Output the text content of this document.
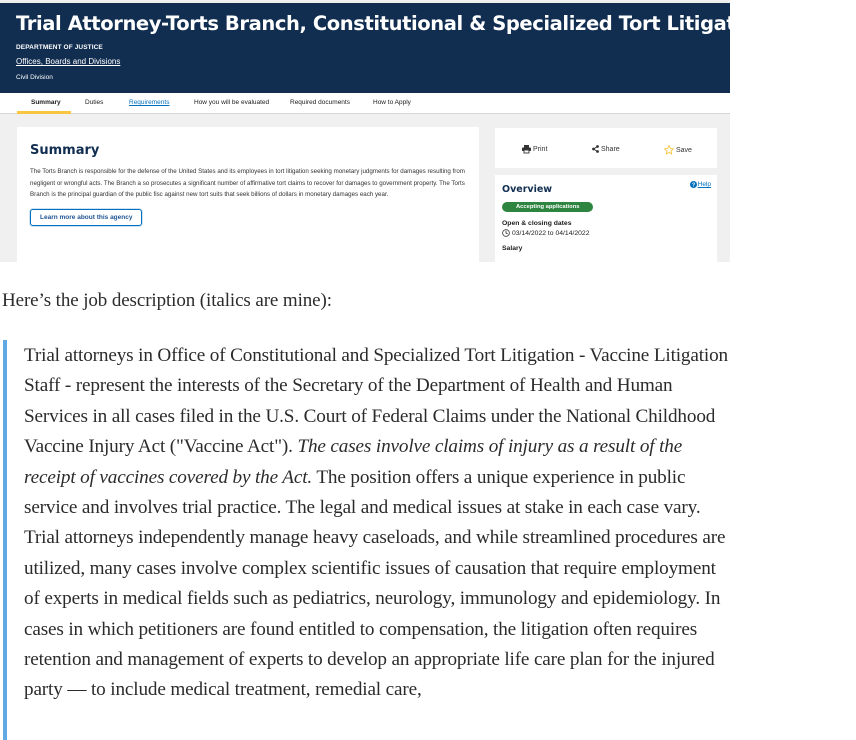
Trial Attorney-Torts Branch, Constitutional & Specialized Tort Litigation/Vaccine
DEPARTMENT OF JUSTICE
Offices, Boards and Divisions
Civil Division
Summary	Duties	Requirements	How you will be evaluated	Required documents	How to Apply
Summary

The Torts Branch is responsible for the defense of the United States and its employees in tort litigation seeking monetary judgments for damages resulting from negligent or wrongful acts. The Branch a so prosecutes a significant number of affirmative tort claims to recover for damages to government property. The Torts Branch is the principal guardian of the public fisc against new tort suits that seek billions of dollars in monetary damages each year.

Learn more about this agency
Print	Share	Save
Overview	? Help
Accepting applications
Open & closing dates
03/14/2022 to 04/14/2022
Salary

Here’s the job description (italics are mine):

Trial attorneys in Office of Constitutional and Specialized Tort Litigation - Vaccine Litigation Staff - represent the interests of the Secretary of the Department of Health and Human Services in all cases filed in the U.S. Court of Federal Claims under the National Childhood Vaccine Injury Act ("Vaccine Act"). The cases involve claims of injury as a result of the receipt of vaccines covered by the Act. The position offers a unique experience in public service and involves trial practice. The legal and medical issues at stake in each case vary. Trial attorneys independently manage heavy caseloads, and while streamlined procedures are utilized, many cases involve complex scientific issues of causation that require employment of experts in medical fields such as pediatrics, neurology, immunology and epidemiology. In cases in which petitioners are found entitled to compensation, the litigation often requires retention and management of experts to develop an appropriate life care plan for the injured party — to include medical treatment, remedial care,
